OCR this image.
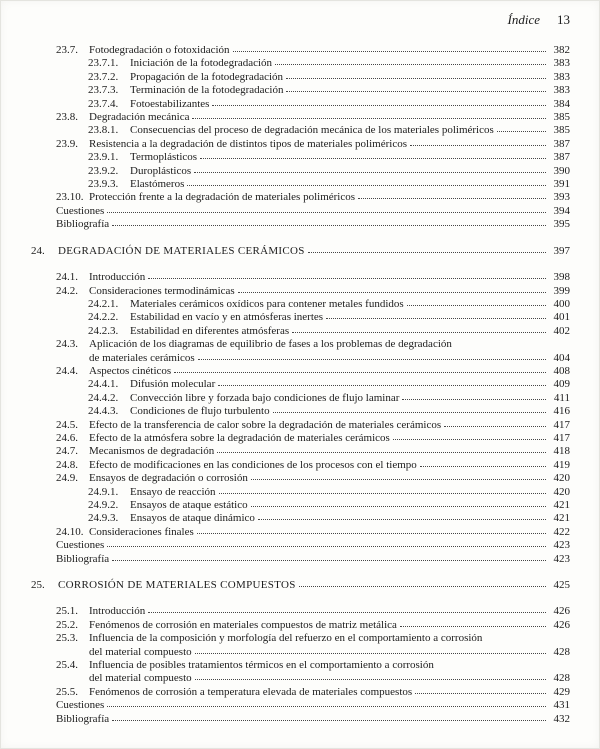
Índice 13
23.7.	Fotodegradación o fotoxidación	382
23.7.1.	Iniciación de la fotodegradación	383
23.7.2.	Propagación de la fotodegradación	383
23.7.3.	Terminación de la fotodegradación	383
23.7.4.	Fotoestabilizantes	384
23.8.	Degradación mecánica	385
23.8.1.	Consecuencias del proceso de degradación mecánica de los materiales poliméricos	385
23.9.	Resistencia a la degradación de distintos tipos de materiales poliméricos	387
23.9.1.	Termoplásticos	387
23.9.2.	Duroplásticos	390
23.9.3.	Elastómeros	391
23.10. Protección frente a la degradación de materiales poliméricos	393
Cuestiones	394
Bibliografía	395
24.	DEGRADACIÓN DE MATERIALES CERÁMICOS	397
24.1.	Introducción	398
24.2.	Consideraciones termodinámicas	399
24.2.1.	Materiales cerámicos oxídicos para contener metales fundidos	400
24.2.2.	Estabilidad en vacío y en atmósferas inertes	401
24.2.3.	Estabilidad en diferentes atmósferas	402
24.3.	Aplicación de los diagramas de equilibrio de fases a los problemas de degradación
de materiales cerámicos	404
24.4.	Aspectos cinéticos	408
24.4.1.	Difusión molecular	409
24.4.2.	Convección libre y forzada bajo condiciones de flujo laminar	411
24.4.3.	Condiciones de flujo turbulento	416
24.5.	Efecto de la transferencia de calor sobre la degradación de materiales cerámicos	417
24.6.	Efecto de la atmósfera sobre la degradación de materiales cerámicos	417
24.7.	Mecanismos de degradación	418
24.8.	Efecto de modificaciones en las condiciones de los procesos con el tiempo	419
24.9.	Ensayos de degradación o corrosión	420
24.9.1.	Ensayo de reacción	420
24.9.2.	Ensayos de ataque estático	421
24.9.3.	Ensayos de ataque dinámico	421
24.10. Consideraciones finales	422
Cuestiones	423
Bibliografía	423
25.	CORROSIÓN DE MATERIALES COMPUESTOS	425
25.1.	Introducción	426
25.2.	Fenómenos de corrosión en materiales compuestos de matriz metálica	426
25.3.	Influencia de la composición y morfología del refuerzo en el comportamiento a corrosión
del material compuesto	428
25.4.	Influencia de posibles tratamientos térmicos en el comportamiento a corrosión
del material compuesto	428
25.5.	Fenómenos de corrosión a temperatura elevada de materiales compuestos	429
Cuestiones	431
Bibliografía	432
